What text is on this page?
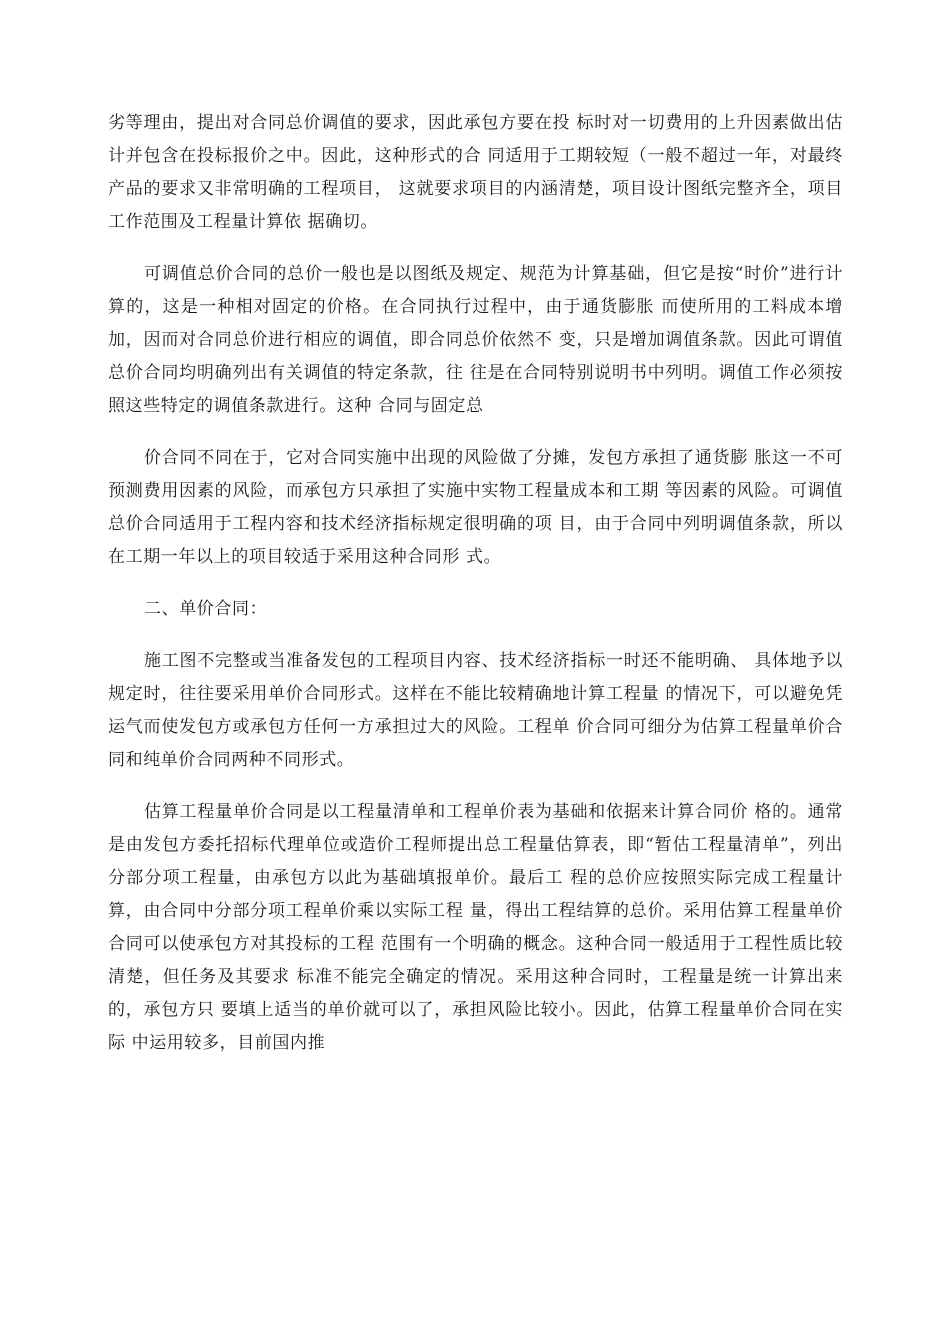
劣等理由，提出对合同总价调值的要求，因此承包方要在投 标时对一切费用的上升因素做出估计并包含在投标报价之中。因此，这种形式的合 同适用于工期较短（一般不超过一年，对最终产品的要求又非常明确的工程项目， 这就要求项目的内涵清楚，项目设计图纸完整齐全，项目工作范围及工程量计算依 据确切。

可调值总价合同的总价一般也是以图纸及规定、规范为计算基础，但它是按“时价”进行计算的，这是一种相对固定的价格。在合同执行过程中，由于通货膨胀 而使所用的工料成本增加，因而对合同总价进行相应的调值，即合同总价依然不 变，只是增加调值条款。因此可谓值总价合同均明确列出有关调值的特定条款，往 往是在合同特别说明书中列明。调值工作必须按照这些特定的调值条款进行。这种 合同与固定总

价合同不同在于，它对合同实施中出现的风险做了分摊，发包方承担了通货膨 胀这一不可预测费用因素的风险，而承包方只承担了实施中实物工程量成本和工期 等因素的风险。可调值总价合同适用于工程内容和技术经济指标规定很明确的项 目，由于合同中列明调值条款，所以在工期一年以上的项目较适于采用这种合同形 式。

二、单价合同：

施工图不完整或当准备发包的工程项目内容、技术经济指标一时还不能明确、 具体地予以规定时，往往要采用单价合同形式。这样在不能比较精确地计算工程量 的情况下，可以避免凭运气而使发包方或承包方任何一方承担过大的风险。工程单 价合同可细分为估算工程量单价合同和纯单价合同两种不同形式。

估算工程量单价合同是以工程量清单和工程单价表为基础和依据来计算合同价 格的。通常是由发包方委托招标代理单位或造价工程师提出总工程量估算表，即“暂估工程量清单”，列出分部分项工程量，由承包方以此为基础填报单价。最后工 程的总价应按照实际完成工程量计算，由合同中分部分项工程单价乘以实际工程 量，得出工程结算的总价。采用估算工程量单价合同可以使承包方对其投标的工程 范围有一个明确的概念。这种合同一般适用于工程性质比较清楚，但任务及其要求 标准不能完全确定的情况。采用这种合同时，工程量是统一计算出来的，承包方只 要填上适当的单价就可以了，承担风险比较小。因此，估算工程量单价合同在实际 中运用较多，目前国内推
